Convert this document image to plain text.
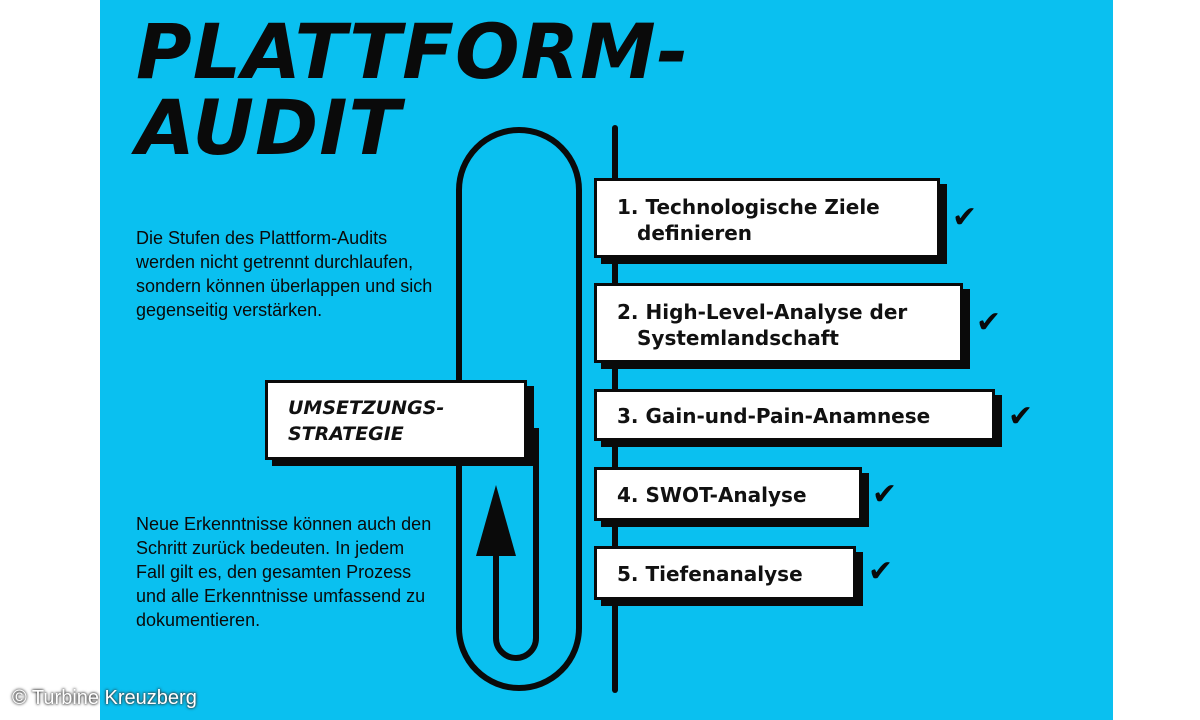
PLATTFORM-
AUDIT

Die Stufen des Plattform-Audits werden nicht getrennt durchlaufen, sondern können überlappen und sich gegenseitig verstärken.

Neue Erkenntnisse können auch den Schritt zurück bedeuten. In jedem Fall gilt es, den gesamten Prozess und alle Erkenntnisse umfassend zu dokumentieren.

UMSETZUNGS-
STRATEGIE
1. Technologische Ziele
definieren	✔
2. High-Level-Analyse der
Systemlandschaft	✔
3. Gain-und-Pain-Anamnese	✔
4. SWOT-Analyse	✔
5. Tiefenanalyse	✔

© Turbine Kreuzberg
